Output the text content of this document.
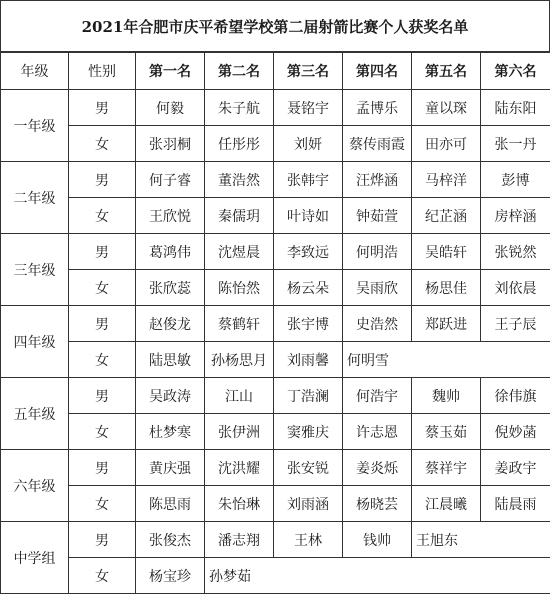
2021年合肥市庆平希望学校第二届射箭比赛个人获奖名单
年级	性别	第一名	第二名	第三名	第四名	第五名	第六名
一年级	男	何毅	朱子航	聂铭宇	孟博乐	童以琛	陆东阳
	女	张羽桐	任彤彤	刘妍	蔡传雨霞	田亦可	张一丹
二年级	男	何子睿	董浩然	张韩宇	汪烨涵	马梓洋	彭博
	女	王欣悦	秦儒玥	叶诗如	钟茹萱	纪芷涵	房梓涵
三年级	男	葛鸿伟	沈煜晨	李致远	何明浩	吴皓轩	张锐然
	女	张欣蕊	陈怡然	杨云朵	吴雨欣	杨思佳	刘依晨
四年级	男	赵俊龙	蔡鹤轩	张宇博	史浩然	郑跃进	王子辰
	女	陆思敏	孙杨思月	刘雨馨	何明雪		
五年级	男	吴政涛	江山	丁浩澜	何浩宇	魏帅	徐伟旗
	女	杜梦寒	张伊洲	窦雅庆	许志恩	蔡玉茹	倪妙菡
六年级	男	黄庆强	沈洪耀	张安锐	姜炎烁	蔡祥宇	姜政宇
	女	陈思雨	朱怡琳	刘雨涵	杨晓芸	江晨曦	陆晨雨
中学组	男	张俊杰	潘志翔	王林	钱帅	王旭东	
	女	杨宝珍	孙梦茹				
